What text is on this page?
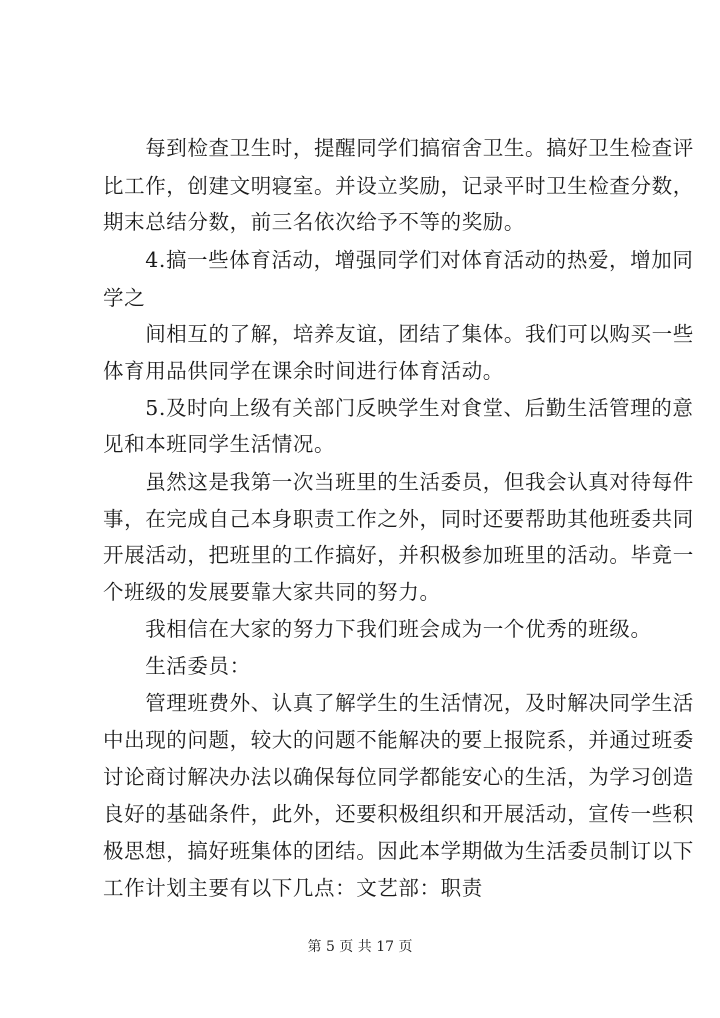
　　每到检查卫生时，提醒同学们搞宿舍卫生。搞好卫生检查评
比工作，创建文明寝室。并设立奖励，记录平时卫生检查分数，
期末总结分数，前三名依次给予不等的奖励。
　　4.搞一些体育活动，增强同学们对体育活动的热爱，增加同
学之
　　间相互的了解，培养友谊，团结了集体。我们可以购买一些
体育用品供同学在课余时间进行体育活动。
　　5.及时向上级有关部门反映学生对食堂、后勤生活管理的意
见和本班同学生活情况。
　　虽然这是我第一次当班里的生活委员，但我会认真对待每件
事，在完成自己本身职责工作之外，同时还要帮助其他班委共同
开展活动，把班里的工作搞好，并积极参加班里的活动。毕竟一
个班级的发展要靠大家共同的努力。
　　我相信在大家的努力下我们班会成为一个优秀的班级。
　　生活委员：
　　管理班费外、认真了解学生的生活情况，及时解决同学生活
中出现的问题，较大的问题不能解决的要上报院系，并通过班委
讨论商讨解决办法以确保每位同学都能安心的生活，为学习创造
良好的基础条件，此外，还要积极组织和开展活动，宣传一些积
极思想，搞好班集体的团结。因此本学期做为生活委员制订以下
工作计划主要有以下几点：文艺部：职责
第 5 页 共 17 页
